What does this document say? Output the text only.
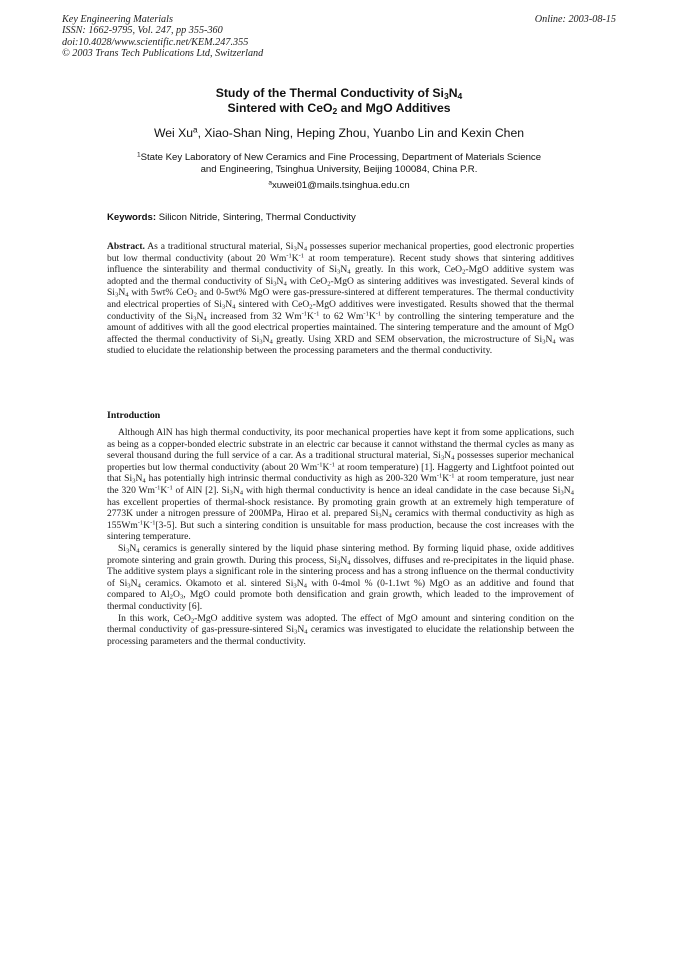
Key Engineering Materials
ISSN: 1662-9795, Vol. 247, pp 355-360
doi:10.4028/www.scientific.net/KEM.247.355
© 2003 Trans Tech Publications Ltd, Switzerland
Online: 2003-08-15
Study of the Thermal Conductivity of $Si_3N_4$
Sintered with CeO$_2$ and MgO Additives
Wei Xu$^a$, Xiao-Shan Ning, Heping Zhou, Yuanbo Lin and Kexin Chen
$^1$State Key Laboratory of New Ceramics and Fine Processing, Department of Materials Science
and Engineering, Tsinghua University, Beijing 100084, China P.R.
$^a$xuwei01@mails.tsinghua.edu.cn
Keywords: Silicon Nitride, Sintering, Thermal Conductivity
Abstract. As a traditional structural material, $Si_3N_4$ possesses superior mechanical properties, good electronic properties but low thermal conductivity (about 20 $Wm^{-1}K^{-1}$ at room temperature). Recent study shows that sintering additives influence the sinterability and thermal conductivity of $Si_3N_4$ greatly. In this work, CeO$_2$-MgO additive system was adopted and the thermal conductivity of $Si_3N_4$ with CeO$_2$-MgO as sintering additives was investigated. Several kinds of $Si_3N_4$ with 5wt% CeO$_2$ and 0-5wt% MgO were gas-pressure-sintered at different temperatures. The thermal conductivity and electrical properties of $Si_3N_4$ sintered with CeO$_2$-MgO additives were investigated. Results showed that the thermal conductivity of the $Si_3N_4$ increased from 32 $Wm^{-1}K^{-1}$ to 62 $Wm^{-1}K^{-1}$ by controlling the sintering temperature and the amount of additives with all the good electrical properties maintained. The sintering temperature and the amount of MgO affected the thermal conductivity of $Si_3N_4$ greatly. Using XRD and SEM observation, the microstructure of $Si_3N_4$ was studied to elucidate the relationship between the processing parameters and the thermal conductivity.
Introduction

Although AlN has high thermal conductivity, its poor mechanical properties have kept it from some applications, such as being as a copper-bonded electric substrate in an electric car because it cannot withstand the thermal cycles as many as several thousand during the full service of a car. As a traditional structural material, $Si_3N_4$ possesses superior mechanical properties but low thermal conductivity (about 20 $Wm^{-1}K^{-1}$ at room temperature) [1]. Haggerty and Lightfoot pointed out that $Si_3N_4$ has potentially high intrinsic thermal conductivity as high as 200-320 $Wm^{-1}K^{-1}$ at room temperature, just near the 320 $Wm^{-1}K^{-1}$ of AlN [2]. $Si_3N_4$ with high thermal conductivity is hence an ideal candidate in the case because $Si_3N_4$ has excellent properties of thermal-shock resistance. By promoting grain growth at an extremely high temperature of 2773K under a nitrogen pressure of 200MPa, Hirao et al. prepared $Si_3N_4$ ceramics with thermal conductivity as high as $155Wm^{-1}K^{-1}[3-5]$. But such a sintering condition is unsuitable for mass production, because the cost increases with the sintering temperature.

$Si_3N_4$ ceramics is generally sintered by the liquid phase sintering method. By forming liquid phase, oxide additives promote sintering and grain growth. During this process, $Si_3N_4$ dissolves, diffuses and re-precipitates in the liquid phase. The additive system plays a significant role in the sintering process and has a strong influence on the thermal conductivity of $Si_3N_4$ ceramics. Okamoto et al. sintered $Si_3N_4$ with 0-4mol % (0-1.1wt %) MgO as an additive and found that compared to $Al_2O_3$, MgO could promote both densification and grain growth, which leaded to the improvement of thermal conductivity [6].

In this work, CeO$_2$-MgO additive system was adopted. The effect of MgO amount and sintering condition on the thermal conductivity of gas-pressure-sintered $Si_3N_4$ ceramics was investigated to elucidate the relationship between the processing parameters and the thermal conductivity.
